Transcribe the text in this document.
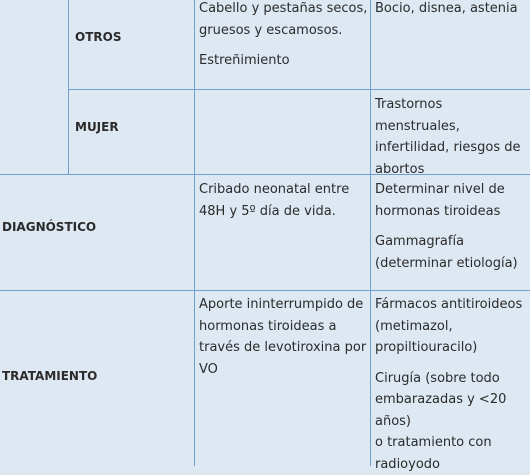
OTROS
Cabello y pestañas secos,
gruesos y escamosos.
Estreñimiento
Bocio, disnea, astenia
MUJER
Trastornos menstruales,
infertilidad, riesgos de
abortos
DIAGNÓSTICO
Cribado neonatal entre
48H y 5º día de vida.
Determinar nivel de
hormonas tiroideas
Gammagrafía
(determinar etiología)
TRATAMIENTO
Aporte ininterrumpido de
hormonas tiroideas a
través de levotiroxina por
VO
Fármacos antitiroideos
(metimazol,
propiltiouracilo)
Cirugía (sobre todo
embarazadas y <20 años)
o tratamiento con
radioyodo
